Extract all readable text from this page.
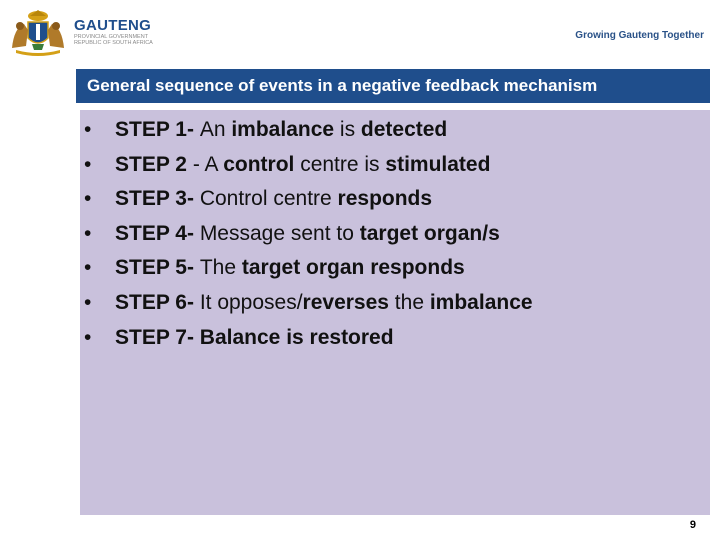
GAUTENG
PROVINCIAL GOVERNMENT
REPUBLIC OF SOUTH AFRICA
Growing Gauteng Together
General sequence of events in a negative feedback mechanism
• STEP 1- An imbalance is detected
• STEP 2 - A control centre is stimulated
• STEP 3- Control centre responds
• STEP 4- Message sent to target organ/s
• STEP 5- The target organ responds
• STEP 6- It opposes/reverses the imbalance
• STEP 7- Balance is restored
9
